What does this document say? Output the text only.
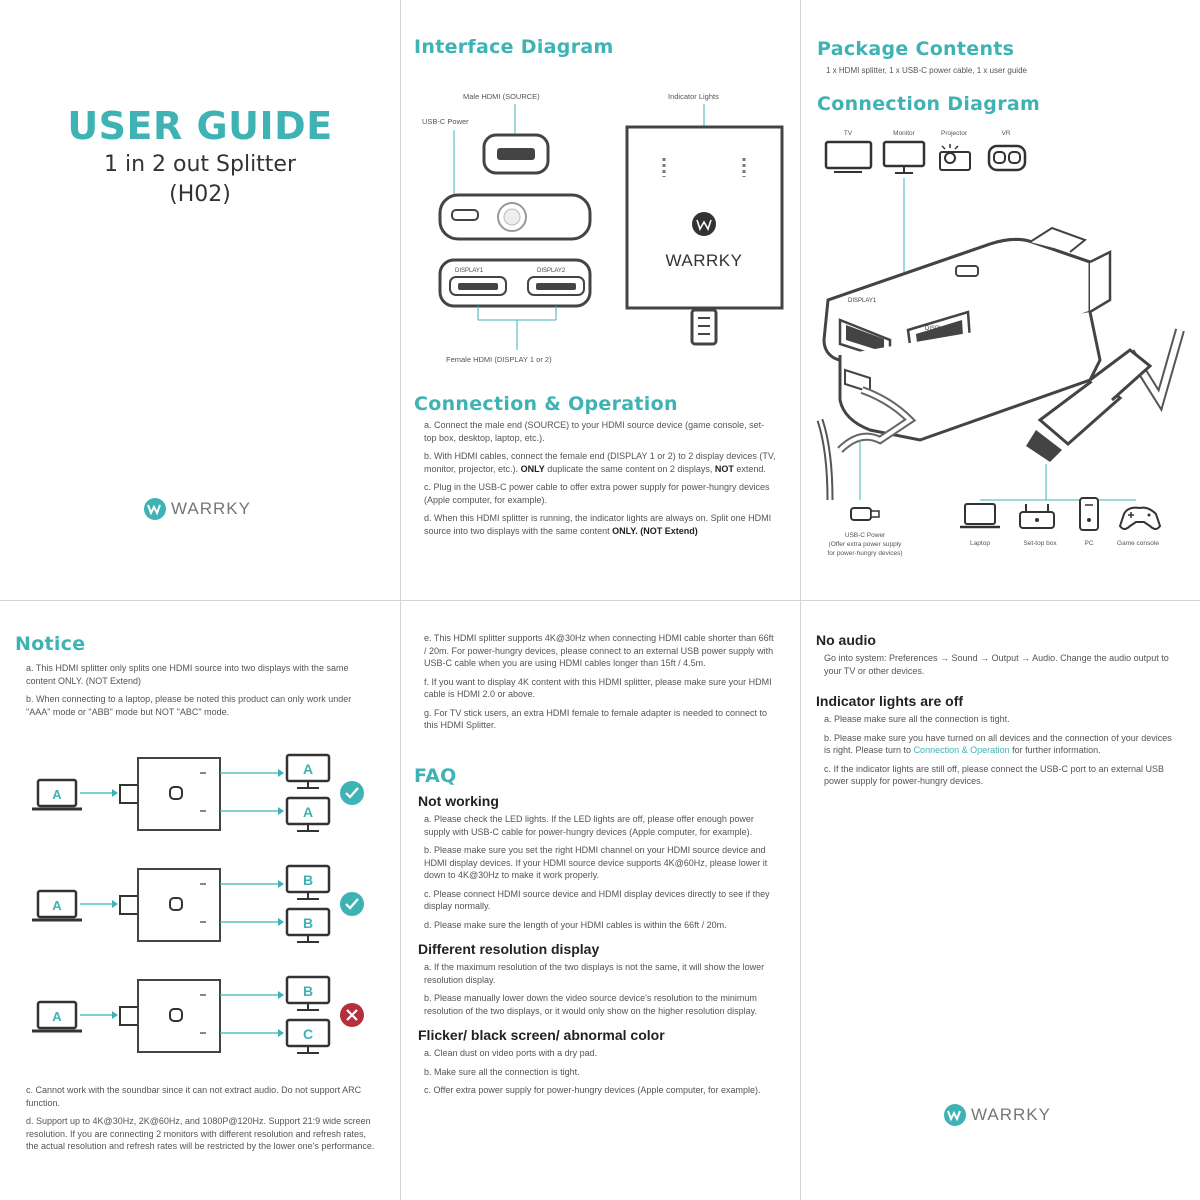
USER GUIDE
1 in 2 out Splitter
(H02)
WARRKY
Interface Diagram
Male HDMI (SOURCE)
USB-C Power
Indicator Lights
DISPLAY1	DISPLAY2
Female HDMI (DISPLAY 1 or 2)
WARRKY
Connection & Operation

a. Connect the male end (SOURCE) to your HDMI source device (game console, set-top box, desktop, laptop, etc.).

b. With HDMI cables, connect the female end (DISPLAY 1 or 2) to 2 display devices (TV, monitor, projector, etc.). ONLY duplicate the same content on 2 displays, NOT extend.

c. Plug in the USB-C power cable to offer extra power supply for power-hungry devices (Apple computer, for example).

d. When this HDMI splitter is running, the indicator lights are always on. Split one HDMI source into two displays with the same content ONLY. (NOT Extend)

Package Contents
1 x HDMI splitter, 1 x USB-C power cable, 1 x user guide
Connection Diagram
TV	Monitor	Projector	VR
DISPLAY1
DISPLAY2
USB-C Power
(Offer extra power supply
for power-hungry devices)
Laptop	Set-top box	PC	Game console
Notice

a. This HDMI splitter only splits one HDMI source into two displays with the same content ONLY. (NOT Extend)

b. When connecting to a laptop, please be noted this product can only work under "AAA" mode or "ABB" mode but NOT "ABC" mode.

A
A
A
A
B
B
A
B
C

c. Cannot work with the soundbar since it can not extract audio. Do not support ARC function.

d. Support up to 4K@30Hz, 2K@60Hz, and 1080P@120Hz. Support 21:9 wide screen resolution. If you are connecting 2 monitors with different resolution and refresh rates, the actual resolution and refresh rates will be restricted by the lower one's performance.

e. This HDMI splitter supports 4K@30Hz when connecting HDMI cable shorter than 66ft / 20m. For power-hungry devices, please connect to an external USB power supply with USB-C cable when you are using HDMI cables longer than 15ft / 4.5m.

f. If you want to display 4K content with this HDMI splitter, please make sure your HDMI cable is HDMI 2.0 or above.

g. For TV stick users, an extra HDMI female to female adapter is needed to connect to this HDMI Splitter.

FAQ

Not working

a. Please check the LED lights. If the LED lights are off, please offer enough power supply with USB-C cable for power-hungry devices (Apple computer, for example).

b. Please make sure you set the right HDMI channel on your HDMI source device and HDMI display devices. If your HDMI source device supports 4K@60Hz, please lower it down to 4K@30Hz to make it work properly.

c. Please connect HDMI source device and HDMI display devices directly to see if they display normally.

d. Please make sure the length of your HDMI cables is within the 66ft / 20m.

Different resolution display

a. If the maximum resolution of the two displays is not the same, it will show the lower resolution display.

b. Please manually lower down the video source device's resolution to the minimum resolution of the two displays, or it would only show on the higher resolution display.

Flicker/ black screen/ abnormal color

a. Clean dust on video ports with a dry pad.

b. Make sure all the connection is tight.

c. Offer extra power supply for power-hungry devices (Apple computer, for example).

No audio

Go into system: Preferences → Sound → Output → Audio. Change the audio output to your TV or other devices.

Indicator lights are off

a. Please make sure all the connection is tight.

b. Please make sure you have turned on all devices and the connection of your devices is right. Please turn to Connection & Operation for further information.

c. If the indicator lights are still off, please connect the USB-C port to an external USB power supply for power-hungry devices.

WARRKY
